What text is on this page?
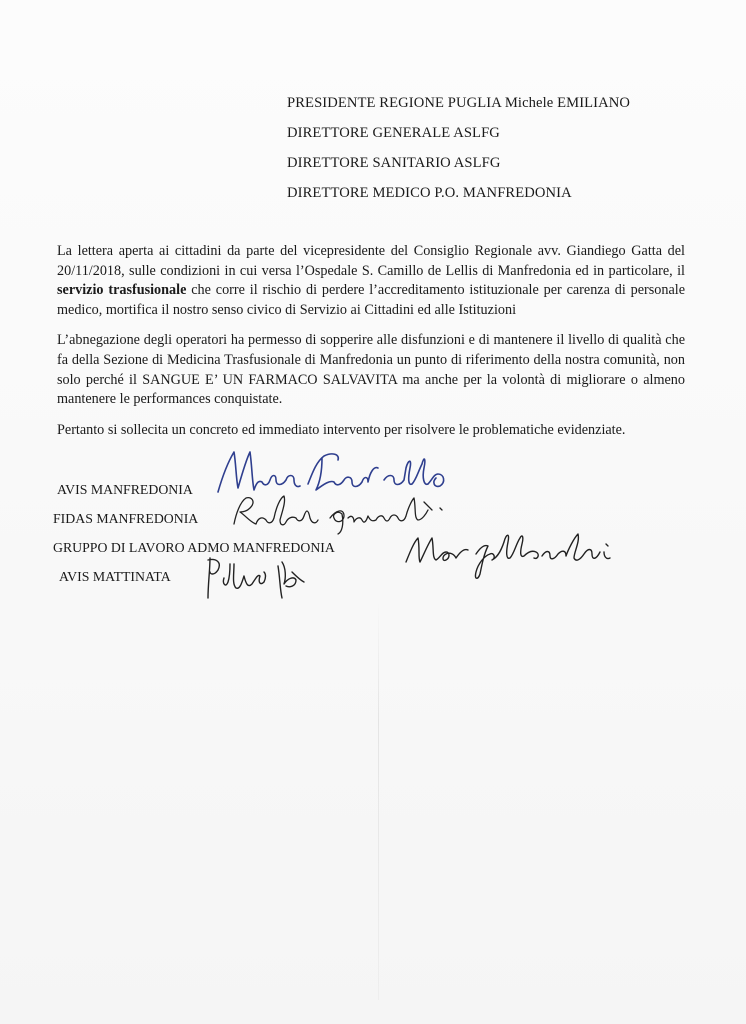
PRESIDENTE REGIONE PUGLIA Michele EMILIANO
DIRETTORE GENERALE ASLFG
DIRETTORE SANITARIO ASLFG
DIRETTORE MEDICO P.O. MANFREDONIA

La lettera aperta ai cittadini da parte del vicepresidente del Consiglio Regionale avv. Giandiego Gatta del 20/11/2018, sulle condizioni in cui versa l’Ospedale S. Camillo de Lellis di Manfredonia ed in particolare, il servizio trasfusionale che corre il rischio di perdere l’accreditamento istituzionale per carenza di personale medico, mortifica il nostro senso civico di Servizio ai Cittadini ed alle Istituzioni

L’abnegazione degli operatori ha permesso di sopperire alle disfunzioni e di mantenere il livello di qualità che fa della Sezione di Medicina Trasfusionale di Manfredonia un punto di riferimento della nostra comunità, non solo perché il SANGUE E’ UN FARMACO SALVAVITA ma anche per la volontà di migliorare o almeno mantenere le performances conquistate.

Pertanto si sollecita un concreto ed immediato intervento per risolvere le problematiche evidenziate.

AVIS MANFREDONIA
FIDAS MANFREDONIA
GRUPPO DI LAVORO ADMO MANFREDONIA
AVIS MATTINATA
